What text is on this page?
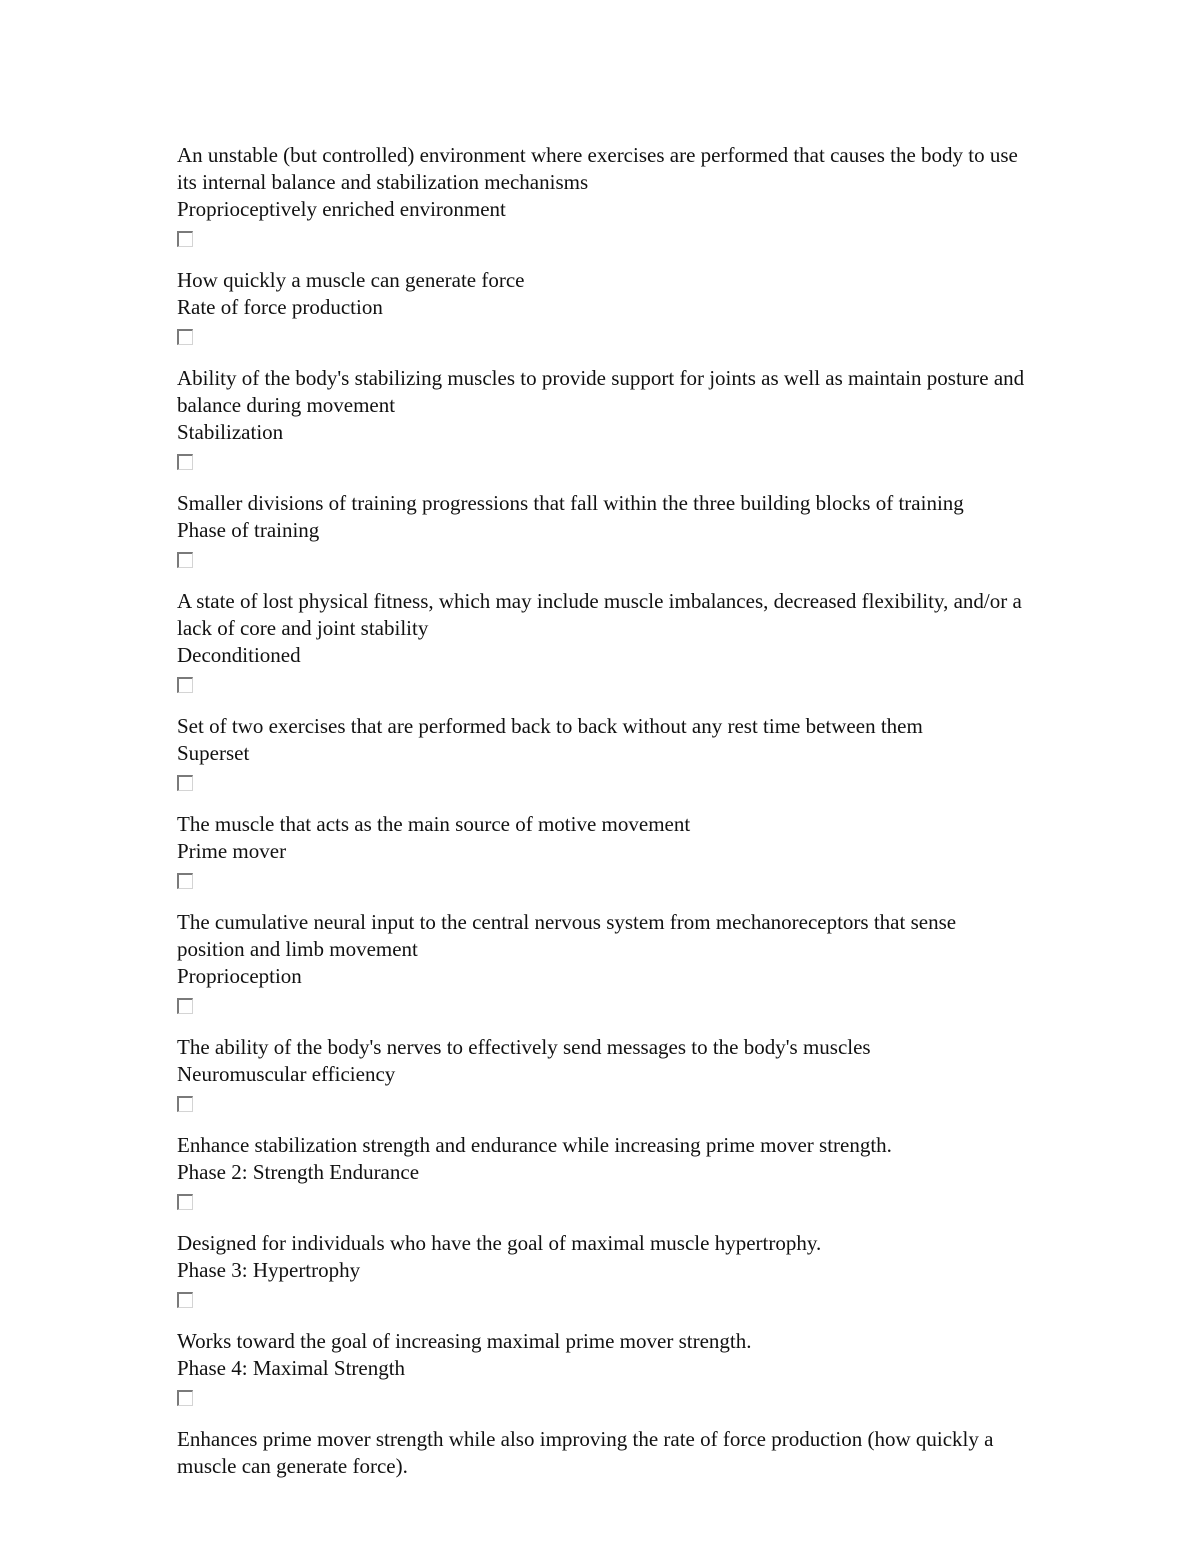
An unstable (but controlled) environment where exercises are performed that causes the body to use its internal balance and stabilization mechanisms

Proprioceptively enriched environment

How quickly a muscle can generate force

Rate of force production

Ability of the body's stabilizing muscles to provide support for joints as well as maintain posture and balance during movement

Stabilization

Smaller divisions of training progressions that fall within the three building blocks of training

Phase of training

A state of lost physical fitness, which may include muscle imbalances, decreased flexibility, and/or a lack of core and joint stability

Deconditioned

Set of two exercises that are performed back to back without any rest time between them

Superset

The muscle that acts as the main source of motive movement

Prime mover

The cumulative neural input to the central nervous system from mechanoreceptors that sense position and limb movement

Proprioception

The ability of the body's nerves to effectively send messages to the body's muscles

Neuromuscular efficiency

Enhance stabilization strength and endurance while increasing prime mover strength.

Phase 2: Strength Endurance

Designed for individuals who have the goal of maximal muscle hypertrophy.

Phase 3: Hypertrophy

Works toward the goal of increasing maximal prime mover strength.

Phase 4: Maximal Strength

Enhances prime mover strength while also improving the rate of force production (how quickly a muscle can generate force).
